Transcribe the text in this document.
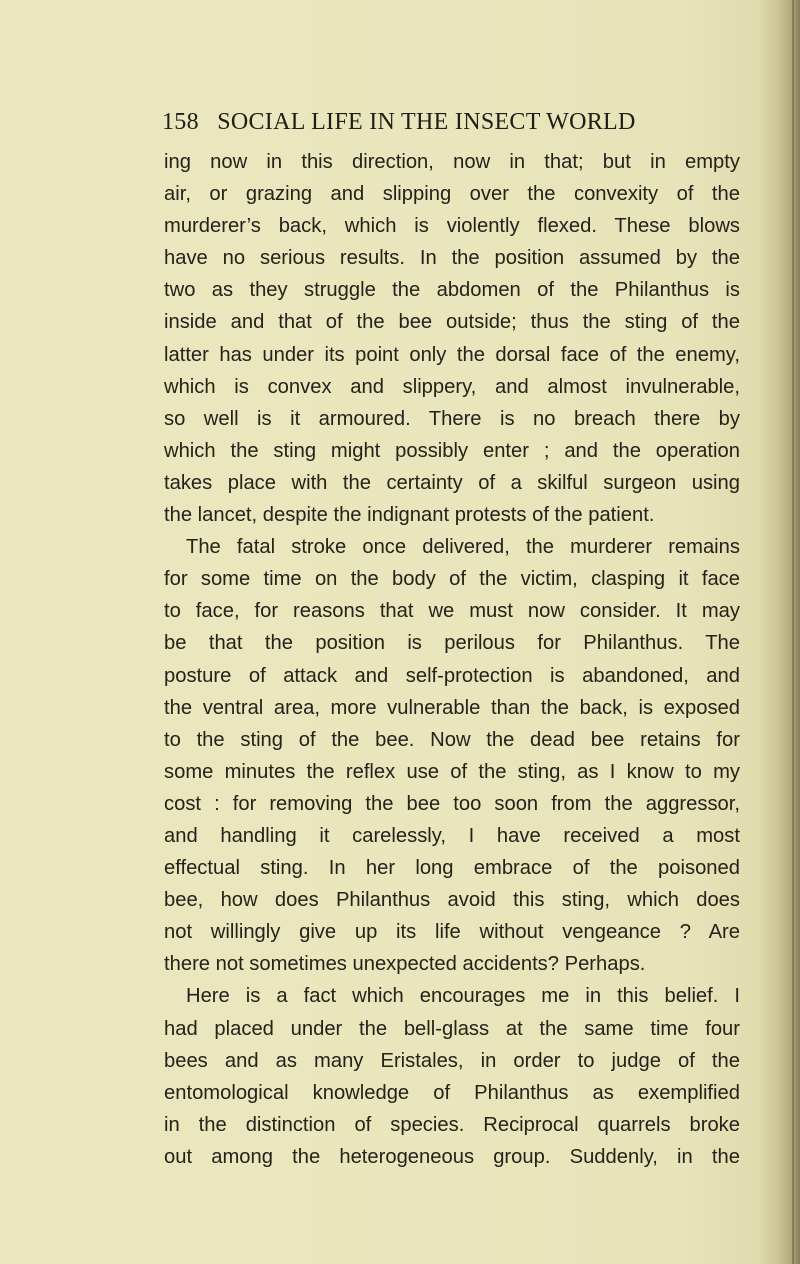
158 SOCIAL LIFE IN THE INSECT WORLD
ing now in this direction, now in that; but in empty
air, or grazing and slipping over the convexity of the
murderer’s back, which is violently flexed. These blows
have no serious results. In the position assumed by the
two as they struggle the abdomen of the Philanthus is
inside and that of the bee outside; thus the sting of the
latter has under its point only the dorsal face of the enemy,
which is convex and slippery, and almost invulnerable,
so well is it armoured. There is no breach there by
which the sting might possibly enter ; and the operation
takes place with the certainty of a skilful surgeon using
the lancet, despite the indignant protests of the patient.
The fatal stroke once delivered, the murderer remains
for some time on the body of the victim, clasping it face
to face, for reasons that we must now consider. It may
be that the position is perilous for Philanthus. The
posture of attack and self-protection is abandoned, and
the ventral area, more vulnerable than the back, is exposed
to the sting of the bee. Now the dead bee retains for
some minutes the reflex use of the sting, as I know to my
cost : for removing the bee too soon from the aggressor,
and handling it carelessly, I have received a most
effectual sting. In her long embrace of the poisoned
bee, how does Philanthus avoid this sting, which does
not willingly give up its life without vengeance ? Are
there not sometimes unexpected accidents? Perhaps.
Here is a fact which encourages me in this belief. I
had placed under the bell-glass at the same time four
bees and as many Eristales, in order to judge of the
entomological knowledge of Philanthus as exemplified
in the distinction of species. Reciprocal quarrels broke
out among the heterogeneous group. Suddenly, in the
